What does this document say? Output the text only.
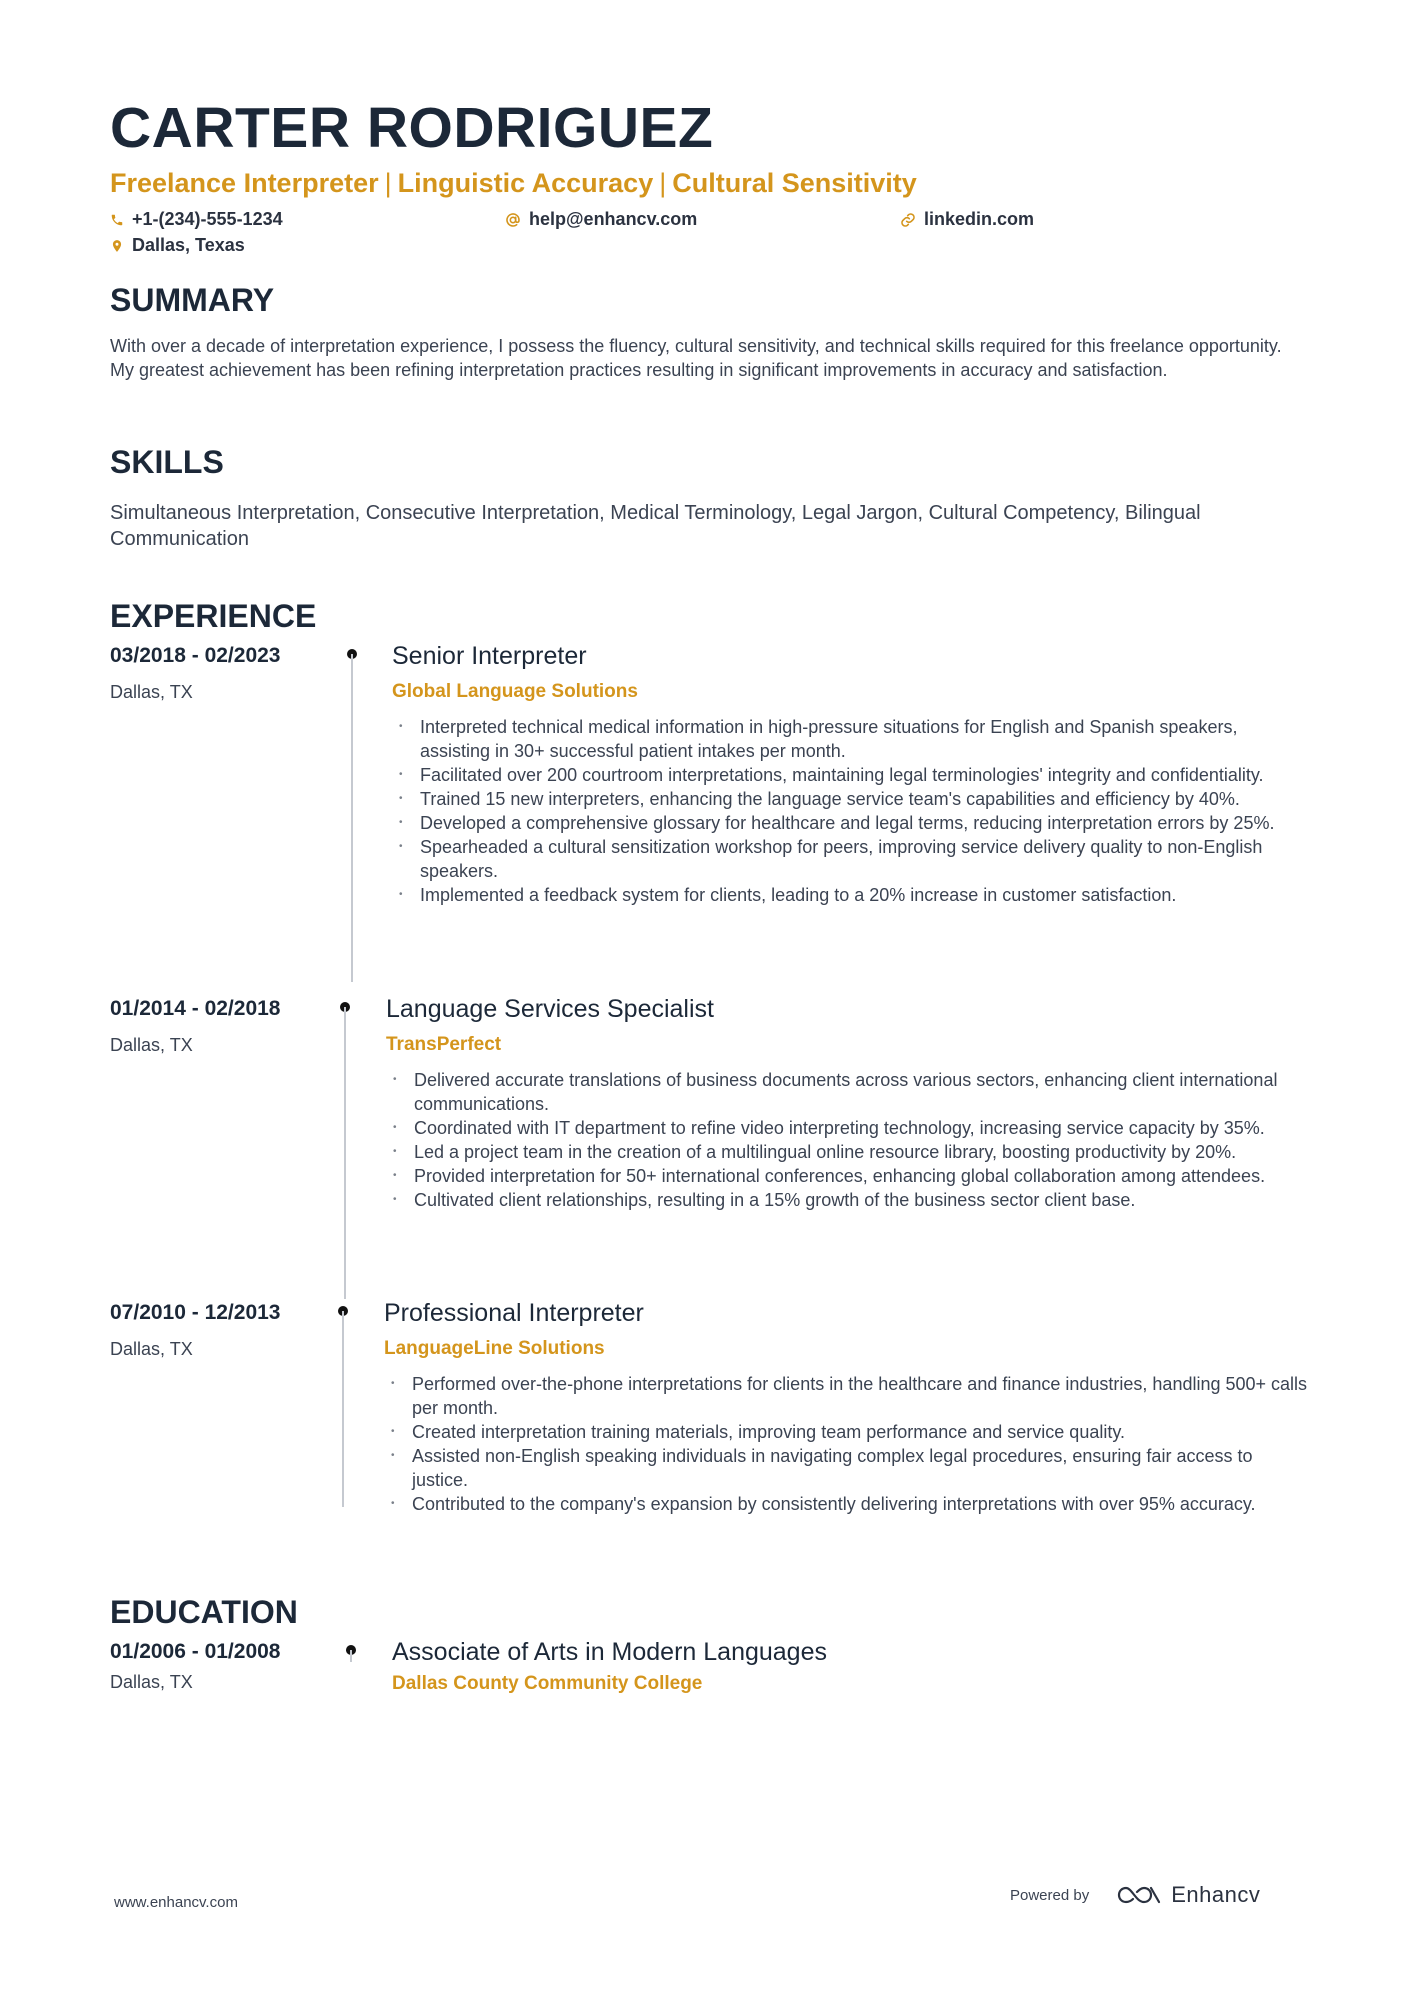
CARTER RODRIGUEZ
Freelance Interpreter | Linguistic Accuracy | Cultural Sensitivity
+1-(234)-555-1234	help@enhancv.com	linkedin.com
Dallas, Texas
SUMMARY
With over a decade of interpretation experience, I possess the fluency, cultural sensitivity, and technical skills required for this freelance opportunity. My greatest achievement has been refining interpretation practices resulting in significant improvements in accuracy and satisfaction.
SKILLS
Simultaneous Interpretation, Consecutive Interpretation, Medical Terminology, Legal Jargon, Cultural Competency, Bilingual Communication
EXPERIENCE
03/2018 - 02/2023
Dallas, TX
Senior Interpreter
Global Language Solutions
• Interpreted technical medical information in high-pressure situations for English and Spanish speakers, assisting in 30+ successful patient intakes per month.
• Facilitated over 200 courtroom interpretations, maintaining legal terminologies' integrity and confidentiality.
• Trained 15 new interpreters, enhancing the language service team's capabilities and efficiency by 40%.
• Developed a comprehensive glossary for healthcare and legal terms, reducing interpretation errors by 25%.
• Spearheaded a cultural sensitization workshop for peers, improving service delivery quality to non-English speakers.
• Implemented a feedback system for clients, leading to a 20% increase in customer satisfaction.
01/2014 - 02/2018
Dallas, TX
Language Services Specialist
TransPerfect
• Delivered accurate translations of business documents across various sectors, enhancing client international communications.
• Coordinated with IT department to refine video interpreting technology, increasing service capacity by 35%.
• Led a project team in the creation of a multilingual online resource library, boosting productivity by 20%.
• Provided interpretation for 50+ international conferences, enhancing global collaboration among attendees.
• Cultivated client relationships, resulting in a 15% growth of the business sector client base.
07/2010 - 12/2013
Dallas, TX
Professional Interpreter
LanguageLine Solutions
• Performed over-the-phone interpretations for clients in the healthcare and finance industries, handling 500+ calls per month.
• Created interpretation training materials, improving team performance and service quality.
• Assisted non-English speaking individuals in navigating complex legal procedures, ensuring fair access to justice.
• Contributed to the company's expansion by consistently delivering interpretations with over 95% accuracy.
EDUCATION
01/2006 - 01/2008
Dallas, TX
Associate of Arts in Modern Languages
Dallas County Community College
www.enhancv.com	Powered by	Enhancv
